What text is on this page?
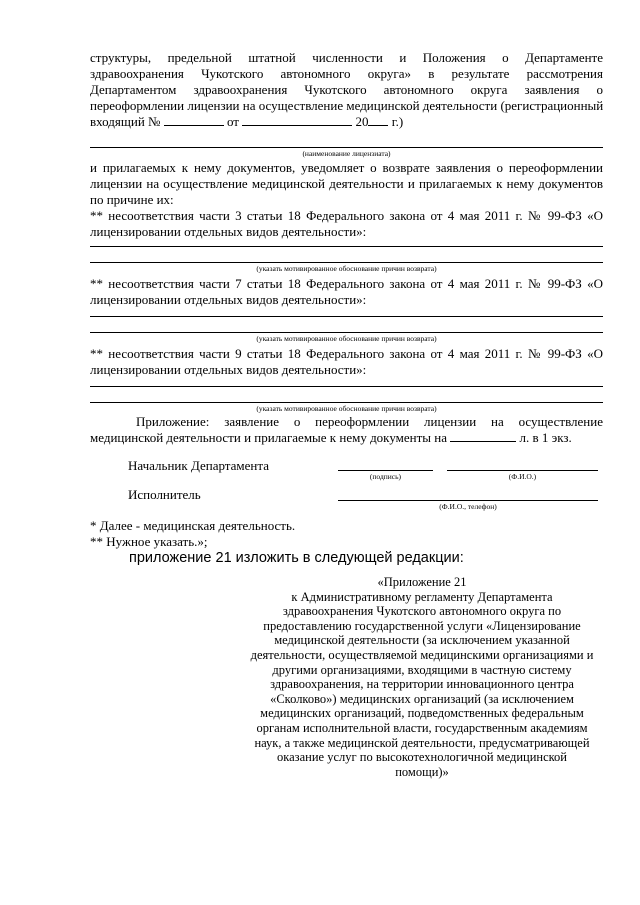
структуры, предельной штатной численности и Положения о Департаменте
здравоохранения Чукотского автономного округа» в результате рассмотрения
Департаментом здравоохранения Чукотского автономного округа заявления о
переоформлении лицензии на осуществление медицинской деятельности (регистрационный
входящий №	от	20 г.)
(наименование лицензиата)
и прилагаемых к нему документов, уведомляет о возврате заявления о переоформлении
лицензии на осуществление медицинской деятельности и прилагаемых к нему документов
по причине их:
** несоответствия части 3 статьи 18 Федерального закона от 4 мая 2011 г. № 99-ФЗ «О
лицензировании отдельных видов деятельности»:
(указать мотивированное обоснование причин возврата)
** несоответствия части 7 статьи 18 Федерального закона от 4 мая 2011 г. № 99-ФЗ «О
лицензировании отдельных видов деятельности»:
(указать мотивированное обоснование причин возврата)
** несоответствия части 9 статьи 18 Федерального закона от 4 мая 2011 г. № 99-ФЗ «О
лицензировании отдельных видов деятельности»:
(указать мотивированное обоснование причин возврата)
Приложение: заявление о переоформлении лицензии на осуществление
медицинской деятельности и прилагаемые к нему документы на	л. в 1 экз.
Начальник Департамента
(подпись)	(Ф.И.О.)
Исполнитель
(Ф.И.О., телефон)
* Далее - медицинская деятельность.
** Нужное указать.»;
приложение 21 изложить в следующей редакции:
«Приложение 21
к Административному регламенту Департамента
здравоохранения Чукотского автономного округа по
предоставлению государственной услуги «Лицензирование
медицинской деятельности (за исключением указанной
деятельности, осуществляемой медицинскими организациями и
другими организациями, входящими в частную систему
здравоохранения, на территории инновационного центра
«Сколково») медицинских организаций (за исключением
медицинских организаций, подведомственных федеральным
органам исполнительной власти, государственным академиям
наук, а также медицинской деятельности, предусматривающей
оказание услуг по высокотехнологичной медицинской
помощи)»
